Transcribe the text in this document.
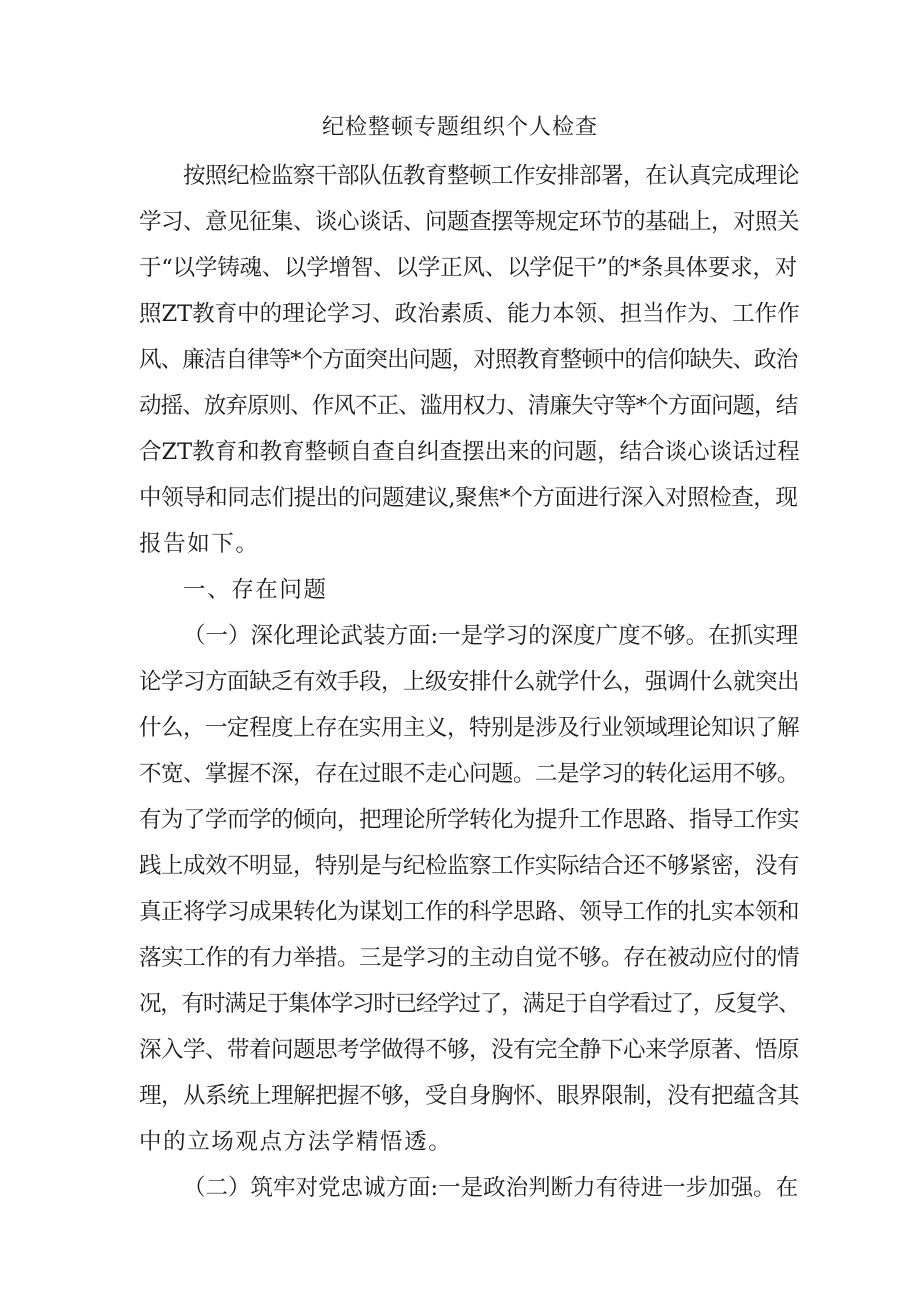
纪检整顿专题组织个人检查
按照纪检监察干部队伍教育整顿工作安排部署，在认真完成理论
学习、意见征集、谈心谈话、问题查摆等规定环节的基础上，对照关
于“以学铸魂、以学增智、以学正风、以学促干”的*条具体要求，对
照ZT教育中的理论学习、政治素质、能力本领、担当作为、工作作
风、廉洁自律等*个方面突出问题，对照教育整顿中的信仰缺失、政治
动摇、放弃原则、作风不正、滥用权力、清廉失守等*个方面问题，结
合ZT教育和教育整顿自查自纠查摆出来的问题，结合谈心谈话过程
中领导和同志们提出的问题建议,聚焦*个方面进行深入对照检查，现
报告如下。
一、存在问题
（一）深化理论武装方面:一是学习的深度广度不够。在抓实理
论学习方面缺乏有效手段，上级安排什么就学什么，强调什么就突出
什么，一定程度上存在实用主义，特别是涉及行业领域理论知识了解
不宽、掌握不深，存在过眼不走心问题。二是学习的转化运用不够。
有为了学而学的倾向，把理论所学转化为提升工作思路、指导工作实
践上成效不明显，特别是与纪检监察工作实际结合还不够紧密，没有
真正将学习成果转化为谋划工作的科学思路、领导工作的扎实本领和
落实工作的有力举措。三是学习的主动自觉不够。存在被动应付的情
况，有时满足于集体学习时已经学过了，满足于自学看过了，反复学、
深入学、带着问题思考学做得不够，没有完全静下心来学原著、悟原
理，从系统上理解把握不够，受自身胸怀、眼界限制，没有把蕴含其
中的立场观点方法学精悟透。
（二）筑牢对党忠诚方面:一是政治判断力有待进一步加强。在
